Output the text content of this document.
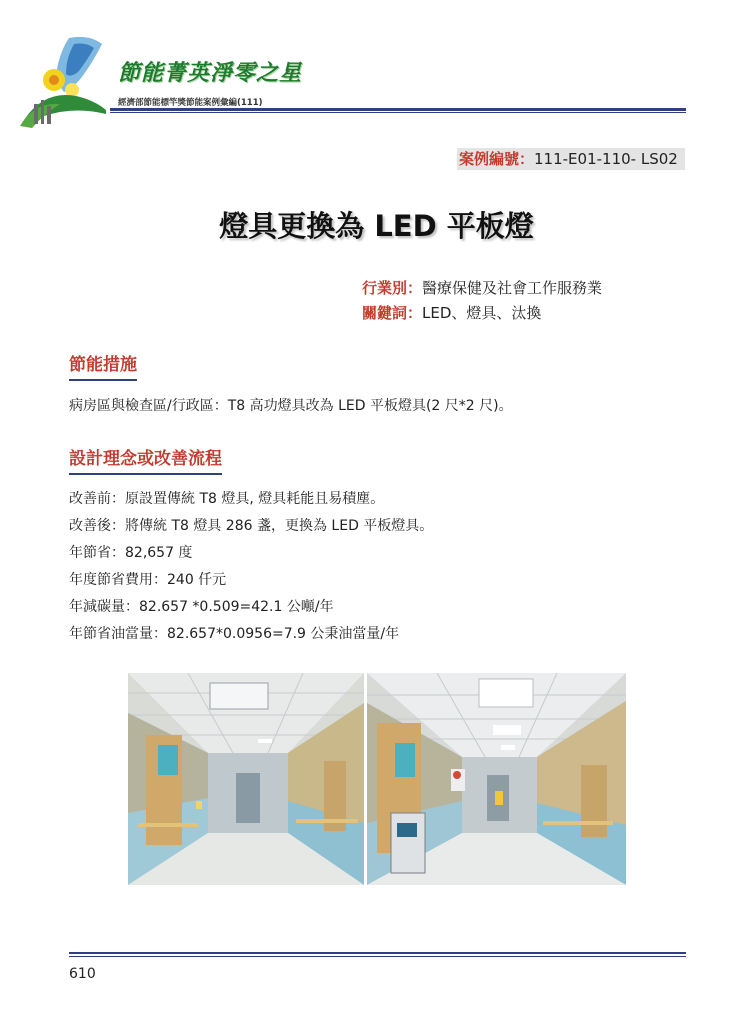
節能菁英淨零之星
經濟部節能標竿獎節能案例彙編(111)
案例編號：111-E01-110- LS02
燈具更換為 LED 平板燈
行業別：醫療保健及社會工作服務業
關鍵詞：LED、燈具、汰換
節能措施
病房區與檢查區/行政區：T8 高功燈具改為 LED 平板燈具(2 尺*2 尺)。
設計理念或改善流程
改善前：原設置傳統 T8 燈具, 燈具耗能且易積塵。
改善後：將傳統 T8 燈具 286 盞，更換為 LED 平板燈具。
年節省：82,657 度
年度節省費用：240 仟元
年減碳量：82.657 *0.509=42.1 公噸/年
年節省油當量：82.657*0.0956=7.9 公秉油當量/年
610
